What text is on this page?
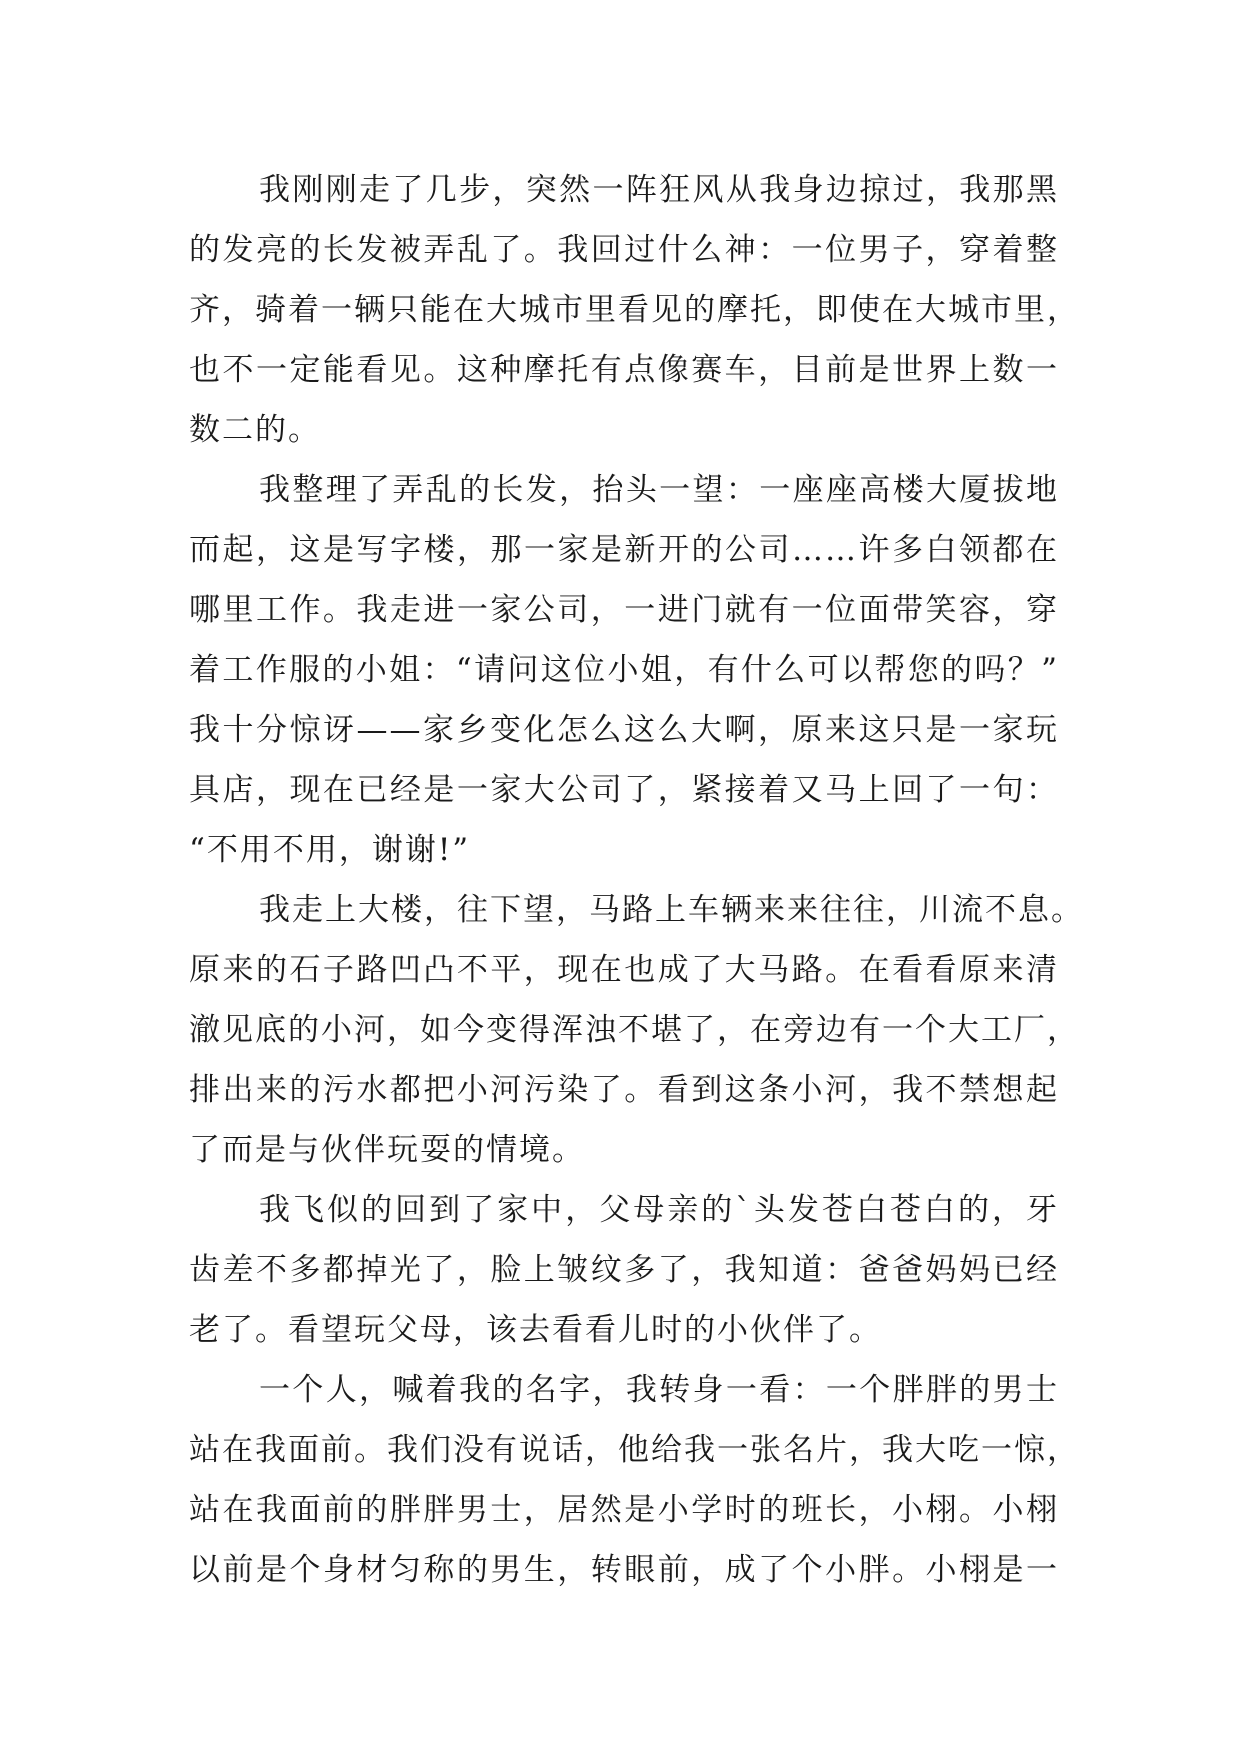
我刚刚走了几步，突然一阵狂风从我身边掠过，我那黑
的发亮的长发被弄乱了。我回过什么神：一位男子，穿着整
齐，骑着一辆只能在大城市里看见的摩托，即使在大城市里，
也不一定能看见。这种摩托有点像赛车，目前是世界上数一
数二的。
我整理了弄乱的长发，抬头一望：一座座高楼大厦拔地
而起，这是写字楼，那一家是新开的公司……许多白领都在
哪里工作。我走进一家公司，一进门就有一位面带笑容，穿
着工作服的小姐：“请问这位小姐，有什么可以帮您的吗？”
我十分惊讶——家乡变化怎么这么大啊，原来这只是一家玩
具店，现在已经是一家大公司了，紧接着又马上回了一句：
“不用不用，谢谢!”
我走上大楼，往下望，马路上车辆来来往往，川流不息。
原来的石子路凹凸不平，现在也成了大马路。在看看原来清
澈见底的小河，如今变得浑浊不堪了，在旁边有一个大工厂，
排出来的污水都把小河污染了。看到这条小河，我不禁想起
了而是与伙伴玩耍的情境。
我飞似的回到了家中，父母亲的`头发苍白苍白的，牙
齿差不多都掉光了，脸上皱纹多了，我知道：爸爸妈妈已经
老了。看望玩父母，该去看看儿时的小伙伴了。
一个人，喊着我的名字，我转身一看：一个胖胖的男士
站在我面前。我们没有说话，他给我一张名片，我大吃一惊，
站在我面前的胖胖男士，居然是小学时的班长，小栩。小栩
以前是个身材匀称的男生，转眼前，成了个小胖。小栩是一
